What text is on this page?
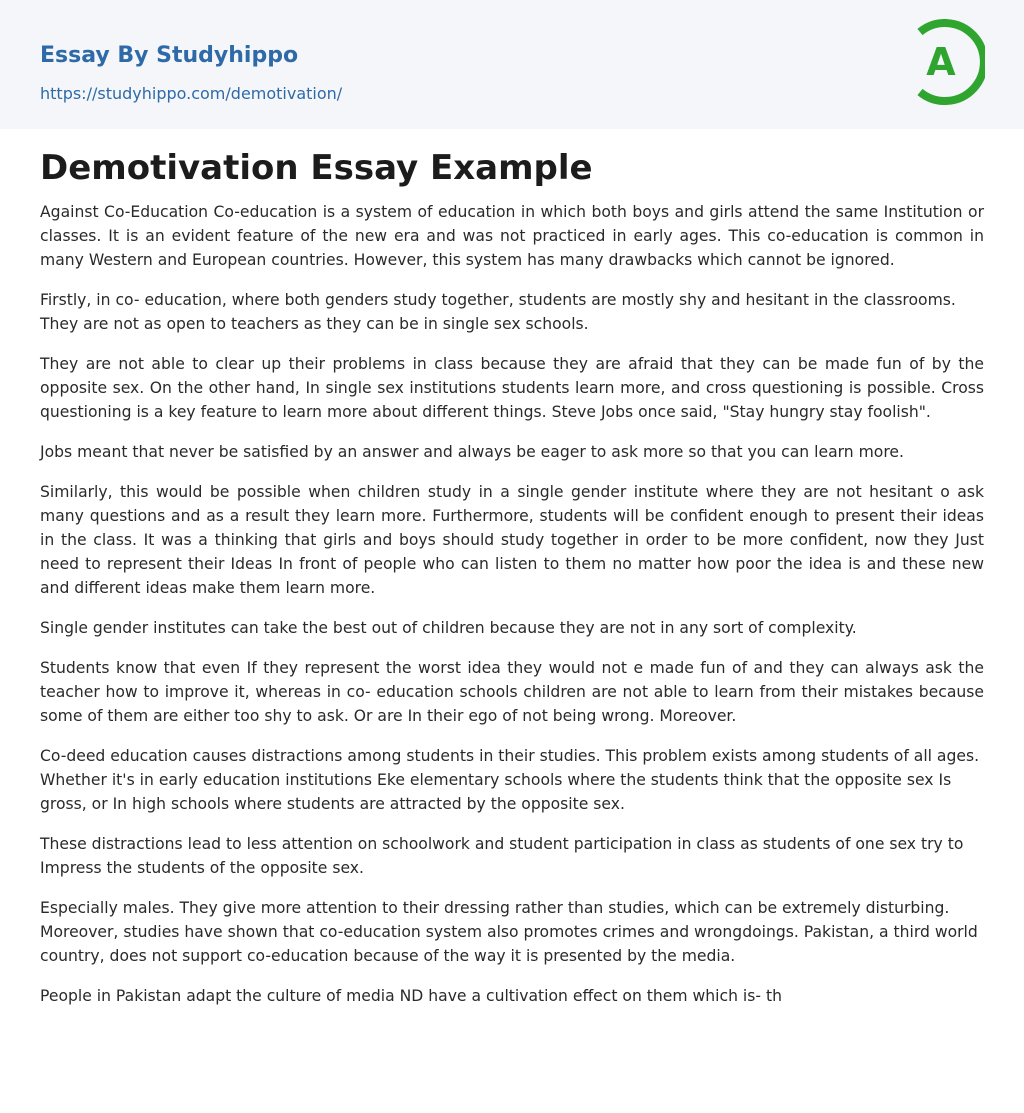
Essay By Studyhippo
https://studyhippo.com/demotivation/
A
Demotivation Essay Example

Against Co-Education Co-education is a system of education in which both boys and girls attend the same Institution or classes. It is an evident feature of the new era and was not practiced in early ages. This co-education is common in many Western and European countries. However, this system has many drawbacks which cannot be ignored.

Firstly, in co- education, where both genders study together, students are mostly shy and hesitant in the classrooms. They are not as open to teachers as they can be in single sex schools.

They are not able to clear up their problems in class because they are afraid that they can be made fun of by the opposite sex. On the other hand, In single sex institutions students learn more, and cross questioning is possible. Cross questioning is a key feature to learn more about different things. Steve Jobs once said, "Stay hungry stay foolish".

Jobs meant that never be satisfied by an answer and always be eager to ask more so that you can learn more.

Similarly, this would be possible when children study in a single gender institute where they are not hesitant o ask many questions and as a result they learn more. Furthermore, students will be confident enough to present their ideas in the class. It was a thinking that girls and boys should study together in order to be more confident, now they Just need to represent their Ideas In front of people who can listen to them no matter how poor the idea is and these new and different ideas make them learn more.

Single gender institutes can take the best out of children because they are not in any sort of complexity.

Students know that even If they represent the worst idea they would not e made fun of and they can always ask the teacher how to improve it, whereas in co- education schools children are not able to learn from their mistakes because some of them are either too shy to ask. Or are In their ego of not being wrong. Moreover.

Co-deed education causes distractions among students in their studies. This problem exists among students of all ages. Whether it's in early education institutions Eke elementary schools where the students think that the opposite sex Is gross, or In high schools where students are attracted by the opposite sex.

These distractions lead to less attention on schoolwork and student participation in class as students of one sex try to Impress the students of the opposite sex.

Especially males. They give more attention to their dressing rather than studies, which can be extremely disturbing. Moreover, studies have shown that co-education system also promotes crimes and wrongdoings. Pakistan, a third world country, does not support co-education because of the way it is presented by the media.

People in Pakistan adapt the culture of media ND have a cultivation effect on them which is- th
